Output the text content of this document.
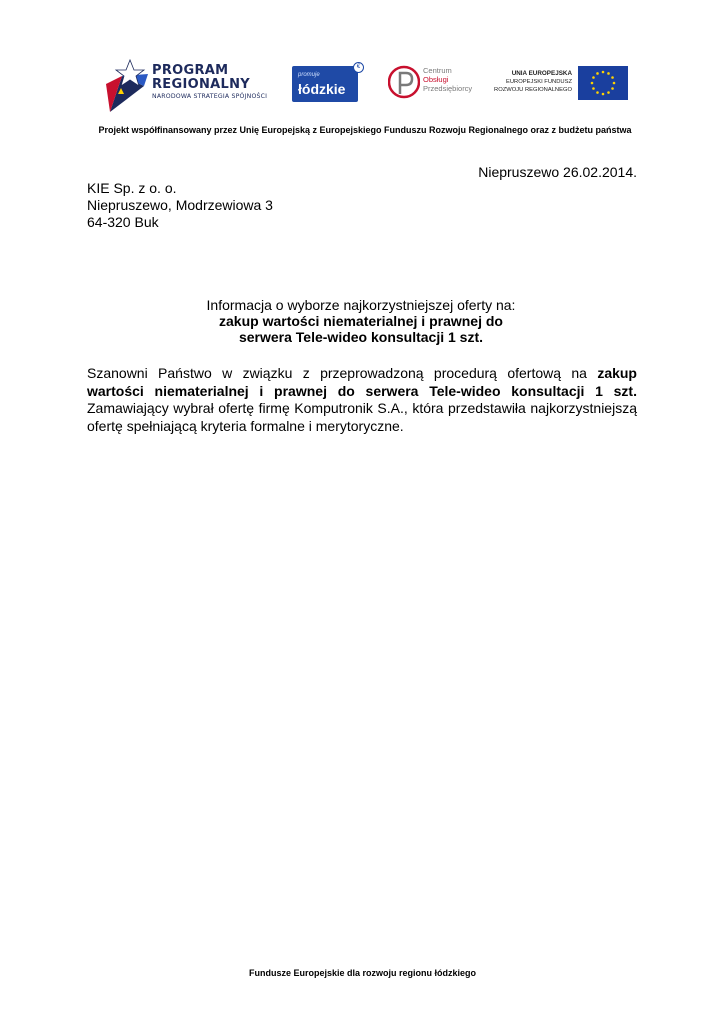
PROGRAM
REGIONALNY
NARODOWA STRATEGIA SPÓJNOŚCI
promuje
łódzkie
€	Centrum
Obsługi
Przedsiębiorcy
UNIA EUROPEJSKA
EUROPEJSKI FUNDUSZ
ROZWOJU REGIONALNEGO
Projekt współfinansowany przez Unię Europejską z Europejskiego Funduszu Rozwoju Regionalnego oraz z budżetu państwa
Niepruszewo 26.02.2014.
KIE Sp. z o. o.
Niepruszewo, Modrzewiowa 3
64-320 Buk
Informacja o wyborze najkorzystniejszej oferty na:
zakup wartości niematerialnej i prawnej do
serwera Tele-wideo konsultacji 1 szt.
Szanowni Państwo w związku z przeprowadzoną procedurą ofertową na zakup wartości niematerialnej i prawnej do serwera Tele-wideo konsultacji 1 szt. Zamawiający wybrał ofertę firmę Komputronik S.A., która przedstawiła najkorzystniejszą ofertę spełniającą kryteria formalne i merytoryczne.
Fundusze Europejskie dla rozwoju regionu łódzkiego
